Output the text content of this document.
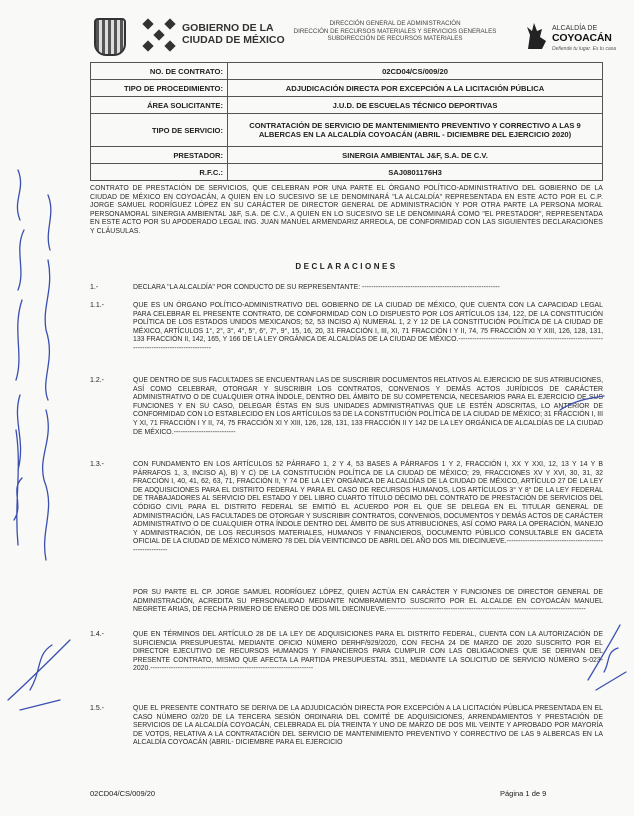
GOBIERNO DE LA
CIUDAD DE MÉXICO
DIRECCIÓN GENERAL DE ADMINISTRACIÓN
DIRECCIÓN DE RECURSOS MATERIALES Y SERVICIOS GENERALES
SUBDIRECCIÓN DE RECURSOS MATERIALES
ALCALDÍA DE
COYOACÁN
Defiende tu lugar. Es tu casa
NO. DE CONTRATO:	02CD04/CS/009/20
TIPO DE PROCEDIMIENTO:	ADJUDICACIÓN DIRECTA POR EXCEPCIÓN A LA LICITACIÓN PÚBLICA
ÁREA SOLICITANTE:	J.U.D. DE ESCUELAS TÉCNICO DEPORTIVAS
TIPO DE SERVICIO:	CONTRATACIÓN DE SERVICIO DE MANTENIMIENTO PREVENTIVO Y CORRECTIVO A LAS 9 ALBERCAS EN LA ALCALDÍA COYOACÁN (ABRIL - DICIEMBRE DEL EJERCICIO 2020)
PRESTADOR:	SINERGIA AMBIENTAL J&F, S.A. DE C.V.
R.F.C.:	SAJ0801176H3
CONTRATO DE PRESTACIÓN DE SERVICIOS, QUE CELEBRAN POR UNA PARTE EL ÓRGANO POLÍTICO-ADMINISTRATIVO DEL GOBIERNO DE LA CIUDAD DE MÉXICO EN COYOACÁN, A QUIEN EN LO SUCESIVO SE LE DENOMINARÁ "LA ALCALDÍA" REPRESENTADA EN ESTE ACTO POR EL C.P. JORGE SAMUEL RODRÍGUEZ LÓPEZ EN SU CARÁCTER DE DIRECTOR GENERAL DE ADMINISTRACIÓN Y POR OTRA PARTE LA PERSONA MORAL PERSONAMORAL SINERGIA AMBIENTAL J&F, S.A. DE C.V., A QUIEN EN LO SUCESIVO SE LE DENOMINARÁ COMO "EL PRESTADOR", REPRESENTADA EN ESTE ACTO POR SU APODERADO LEGAL ING. JUAN MANUEL ARMENDARIZ ARREOLA, DE CONFORMIDAD CON LAS SIGUIENTES DECLARACIONES Y CLÁUSULAS.
DECLARACIONES
1.-	DECLARA "LA ALCALDÍA" POR CONDUCTO DE SU REPRESENTANTE: ------------------------------------------------------------
1.1.-	QUE ES UN ÓRGANO POLÍTICO-ADMINISTRATIVO DEL GOBIERNO DE LA CIUDAD DE MÉXICO, QUE CUENTA CON LA CAPACIDAD LEGAL PARA CELEBRAR EL PRESENTE CONTRATO, DE CONFORMIDAD CON LO DISPUESTO POR LOS ARTÍCULOS 134, 122, DE LA CONSTITUCIÓN POLÍTICA DE LOS ESTADOS UNIDOS MEXICANOS; 52, 53 INCISO A) NUMERAL 1, 2 Y 12 DE LA CONSTITUCIÓN POLÍTICA DE LA CIUDAD DE MÉXICO, ARTÍCULOS 1°, 2°, 3°, 4°, 5°, 6°, 7°, 9°, 15, 16, 20, 31 FRACCIÓN I, III, XI, 71 FRACCIÓN I Y II, 74, 75 FRACCIÓN XI Y XIII, 126, 128, 131, 133 FRACCIÓN II, 142, 165, Y 166 DE LA LEY ORGÁNICA DE ALCALDÍAS DE LA CIUDAD DE MÉXICO.-------------------------------------------------------------------------------------------------
1.2.-	QUE DENTRO DE SUS FACULTADES SE ENCUENTRAN LAS DE SUSCRIBIR DOCUMENTOS RELATIVOS AL EJERCICIO DE SUS ATRIBUCIONES, ASÍ COMO CELEBRAR, OTORGAR Y SUSCRIBIR LOS CONTRATOS, CONVENIOS Y DEMÁS ACTOS JURÍDICOS DE CARÁCTER ADMINISTRATIVO O DE CUALQUIER OTRA ÍNDOLE, DENTRO DEL ÁMBITO DE SU COMPETENCIA, NECESARIOS PARA EL EJERCICIO DE SUS FUNCIONES Y EN SU CASO, DELEGAR ÉSTAS EN SUS UNIDADES ADMINISTRATIVAS QUE LE ESTÉN ADSCRITAS, LO ANTERIOR DE CONFORMIDAD CON LO ESTABLECIDO EN LOS ARTÍCULOS 53 DE LA CONSTITUCIÓN POLÍTICA DE LA CIUDAD DE MÉXICO; 31 FRACCIÓN I, III Y XI, 71 FRACCIÓN I Y II, 74, 75 FRACCIÓN XI Y XIII, 126, 128, 131, 133 FRACCIÓN II Y 142 DE LA LEY ORGÁNICA DE ALCALDÍAS DE LA CIUDAD DE MÉXICO.---------------------------
1.3.-	CON FUNDAMENTO EN LOS ARTÍCULOS 52 PÁRRAFO 1, 2 Y 4, 53 BASES A PÁRRAFOS 1 Y 2, FRACCIÓN I, XX Y XXI, 12, 13 Y 14 Y B PÁRRAFOS 1, 3, INCISO A), B) Y C) DE LA CONSTITUCIÓN POLÍTICA DE LA CIUDAD DE MÉXICO; 29, FRACCIONES XV Y XVI, 30, 31, 32 FRACCIÓN I, 40, 41, 62, 63, 71, FRACCIÓN II, Y 74 DE LA LEY ORGÁNICA DE ALCALDÍAS DE LA CIUDAD DE MÉXICO, ARTÍCULO 27 DE LA LEY DE ADQUISICIONES PARA EL DISTRITO FEDERAL Y PARA EL CASO DE RECURSOS HUMANOS, LOS ARTÍCULOS 3° Y 8° DE LA LEY FEDERAL DE TRABAJADORES AL SERVICIO DEL ESTADO Y DEL LIBRO CUARTO TÍTULO DÉCIMO DEL CONTRATO DE PRESTACIÓN DE SERVICIOS DEL CÓDIGO CIVIL PARA EL DISTRITO FEDERAL SE EMITIÓ EL ACUERDO POR EL QUE SE DELEGA EN EL TITULAR GENERAL DE ADMINISTRACIÓN, LAS FACULTADES DE OTORGAR Y SUSCRIBIR CONTRATOS, CONVENIOS, DOCUMENTOS Y DEMÁS ACTOS DE CARÁCTER ADMINISTRATIVO O DE CUALQUIER OTRA ÍNDOLE DENTRO DEL ÁMBITO DE SUS ATRIBUCIONES, ASÍ COMO PARA LA OPERACIÓN, MANEJO Y ADMINISTRACIÓN, DE LOS RECURSOS MATERIALES, HUMANOS Y FINANCIEROS, DOCUMENTO PÚBLICO CONSULTABLE EN GACETA OFICIAL DE LA CIUDAD DE MÉXICO NÚMERO 78 DEL DÍA VEINTICINCO DE ABRIL DEL AÑO DOS MIL DIECINUEVE.---------------------------------------------------------
POR SU PARTE EL CP. JORGE SAMUEL RODRÍGUEZ LÓPEZ, QUIEN ACTÚA EN CARÁCTER Y FUNCIONES DE DIRECTOR GENERAL DE ADMINISTRACIÓN, ACREDITA SU PERSONALIDAD MEDIANTE NOMBRAMIENTO SUSCRITO POR EL ALCALDE EN COYOACÁN MANUEL NEGRETE ARIAS, DE FECHA PRIMERO DE ENERO DE DOS MIL DIECINUEVE.---------------------------------------------------------------------------------------
1.4.-	QUE EN TÉRMINOS DEL ARTÍCULO 28 DE LA LEY DE ADQUISICIONES PARA EL DISTRITO FEDERAL, CUENTA CON LA AUTORIZACIÓN DE SUFICIENCIA PRESUPUESTAL MEDIANTE OFICIO NÚMERO DERHF/929/2020, CON FECHA 24 DE MARZO DE 2020 SUSCRITO POR EL DIRECTOR EJECUTIVO DE RECURSOS HUMANOS Y FINANCIEROS PARA CUMPLIR CON LAS OBLIGACIONES QUE SE DERIVAN DEL PRESENTE CONTRATO, MISMO QUE AFECTA LA PARTIDA PRESUPUESTAL 3511, MEDIANTE LA SOLICITUD DE SERVICIO NÚMERO S-023-2020.-----------------------------------------------------------------------
1.5.-	QUE EL PRESENTE CONTRATO SE DERIVA DE LA ADJUDICACIÓN DIRECTA POR EXCEPCIÓN A LA LICITACIÓN PÚBLICA PRESENTADA EN EL CASO NÚMERO 02/20 DE LA TERCERA SESIÓN ORDINARIA DEL COMITÉ DE ADQUISICIONES, ARRENDAMIENTOS Y PRESTACIÓN DE SERVICIOS DE LA ALCALDÍA COYOACÁN, CELEBRADA EL DÍA TREINTA Y UNO DE MARZO DE DOS MIL VEINTE Y APROBADO POR MAYORÍA DE VOTOS, RELATIVA A LA CONTRATACIÓN DEL SERVICIO DE MANTENIMIENTO PREVENTIVO Y CORRECTIVO DE LAS 9 ALBERCAS EN LA ALCALDÍA COYOACÁN (ABRIL- DICIEMBRE PARA EL EJERCICIO
02CD04/CS/009/20	Página 1 de 9
